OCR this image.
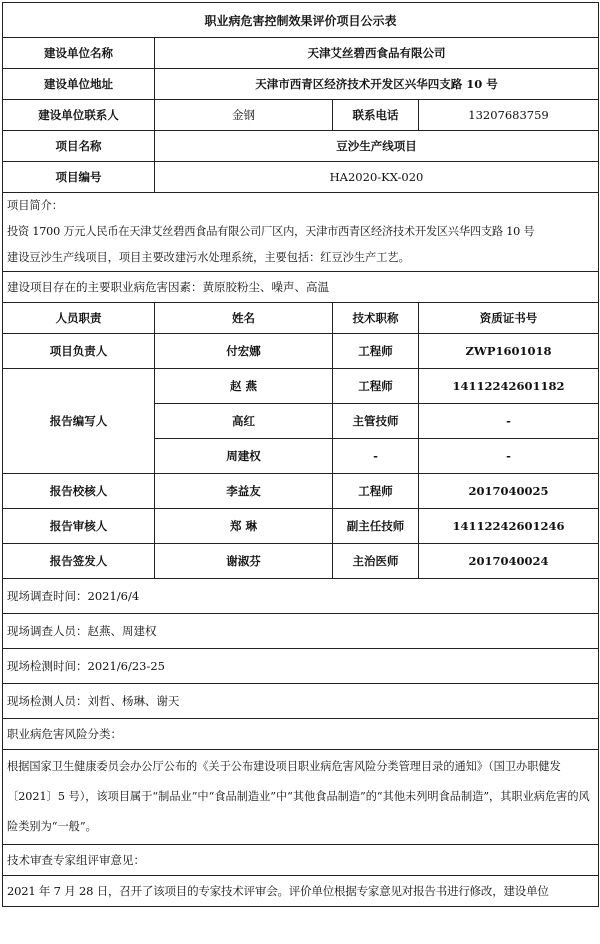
职业病危害控制效果评价项目公示表			
建设单位名称	天津艾丝碧西食品有限公司		
建设单位地址	天津市西青区经济技术开发区兴华四支路 10 号		
建设单位联系人	金钢	联系电话	13207683759
项目名称	豆沙生产线项目		
项目编号	HA2020-KX-020		
项目简介：			
投资 1700 万元人民币在天津艾丝碧西食品有限公司厂区内，天津市西青区经济技术开发区兴华四支路 10 号			
建设豆沙生产线项目，项目主要改建污水处理系统，主要包括：红豆沙生产工艺。			
建设项目存在的主要职业病危害因素：黄原胶粉尘、噪声、高温			
人员职责	姓名	技术职称	资质证书号
项目负责人	付宏娜	工程师	ZWP1601018
报告编写人	赵 燕	工程师	14112242601182
	高红	主管技师	-
	周建权	-	-
报告校核人	李益友	工程师	2017040025
报告审核人	郑 琳	副主任技师	14112242601246
报告签发人	谢淑芬	主治医师	2017040024
现场调查时间：2021/6/4			
现场调查人员：赵燕、周建权			
现场检测时间：2021/6/23-25			
现场检测人员：刘哲、杨琳、谢天			
职业病危害风险分类：			
根据国家卫生健康委员会办公厅公布的《关于公布建设项目职业病危害风险分类管理目录的通知》（国卫办职健发〔2021〕5 号），该项目属于“制品业”中“食品制造业”中“其他食品制造”的“其他未列明食品制造”，其职业病危害的风险类别为“一般”。			
技术审查专家组评审意见：			
2021 年 7 月 28 日，召开了该项目的专家技术评审会。评价单位根据专家意见对报告书进行修改，建设单位			
